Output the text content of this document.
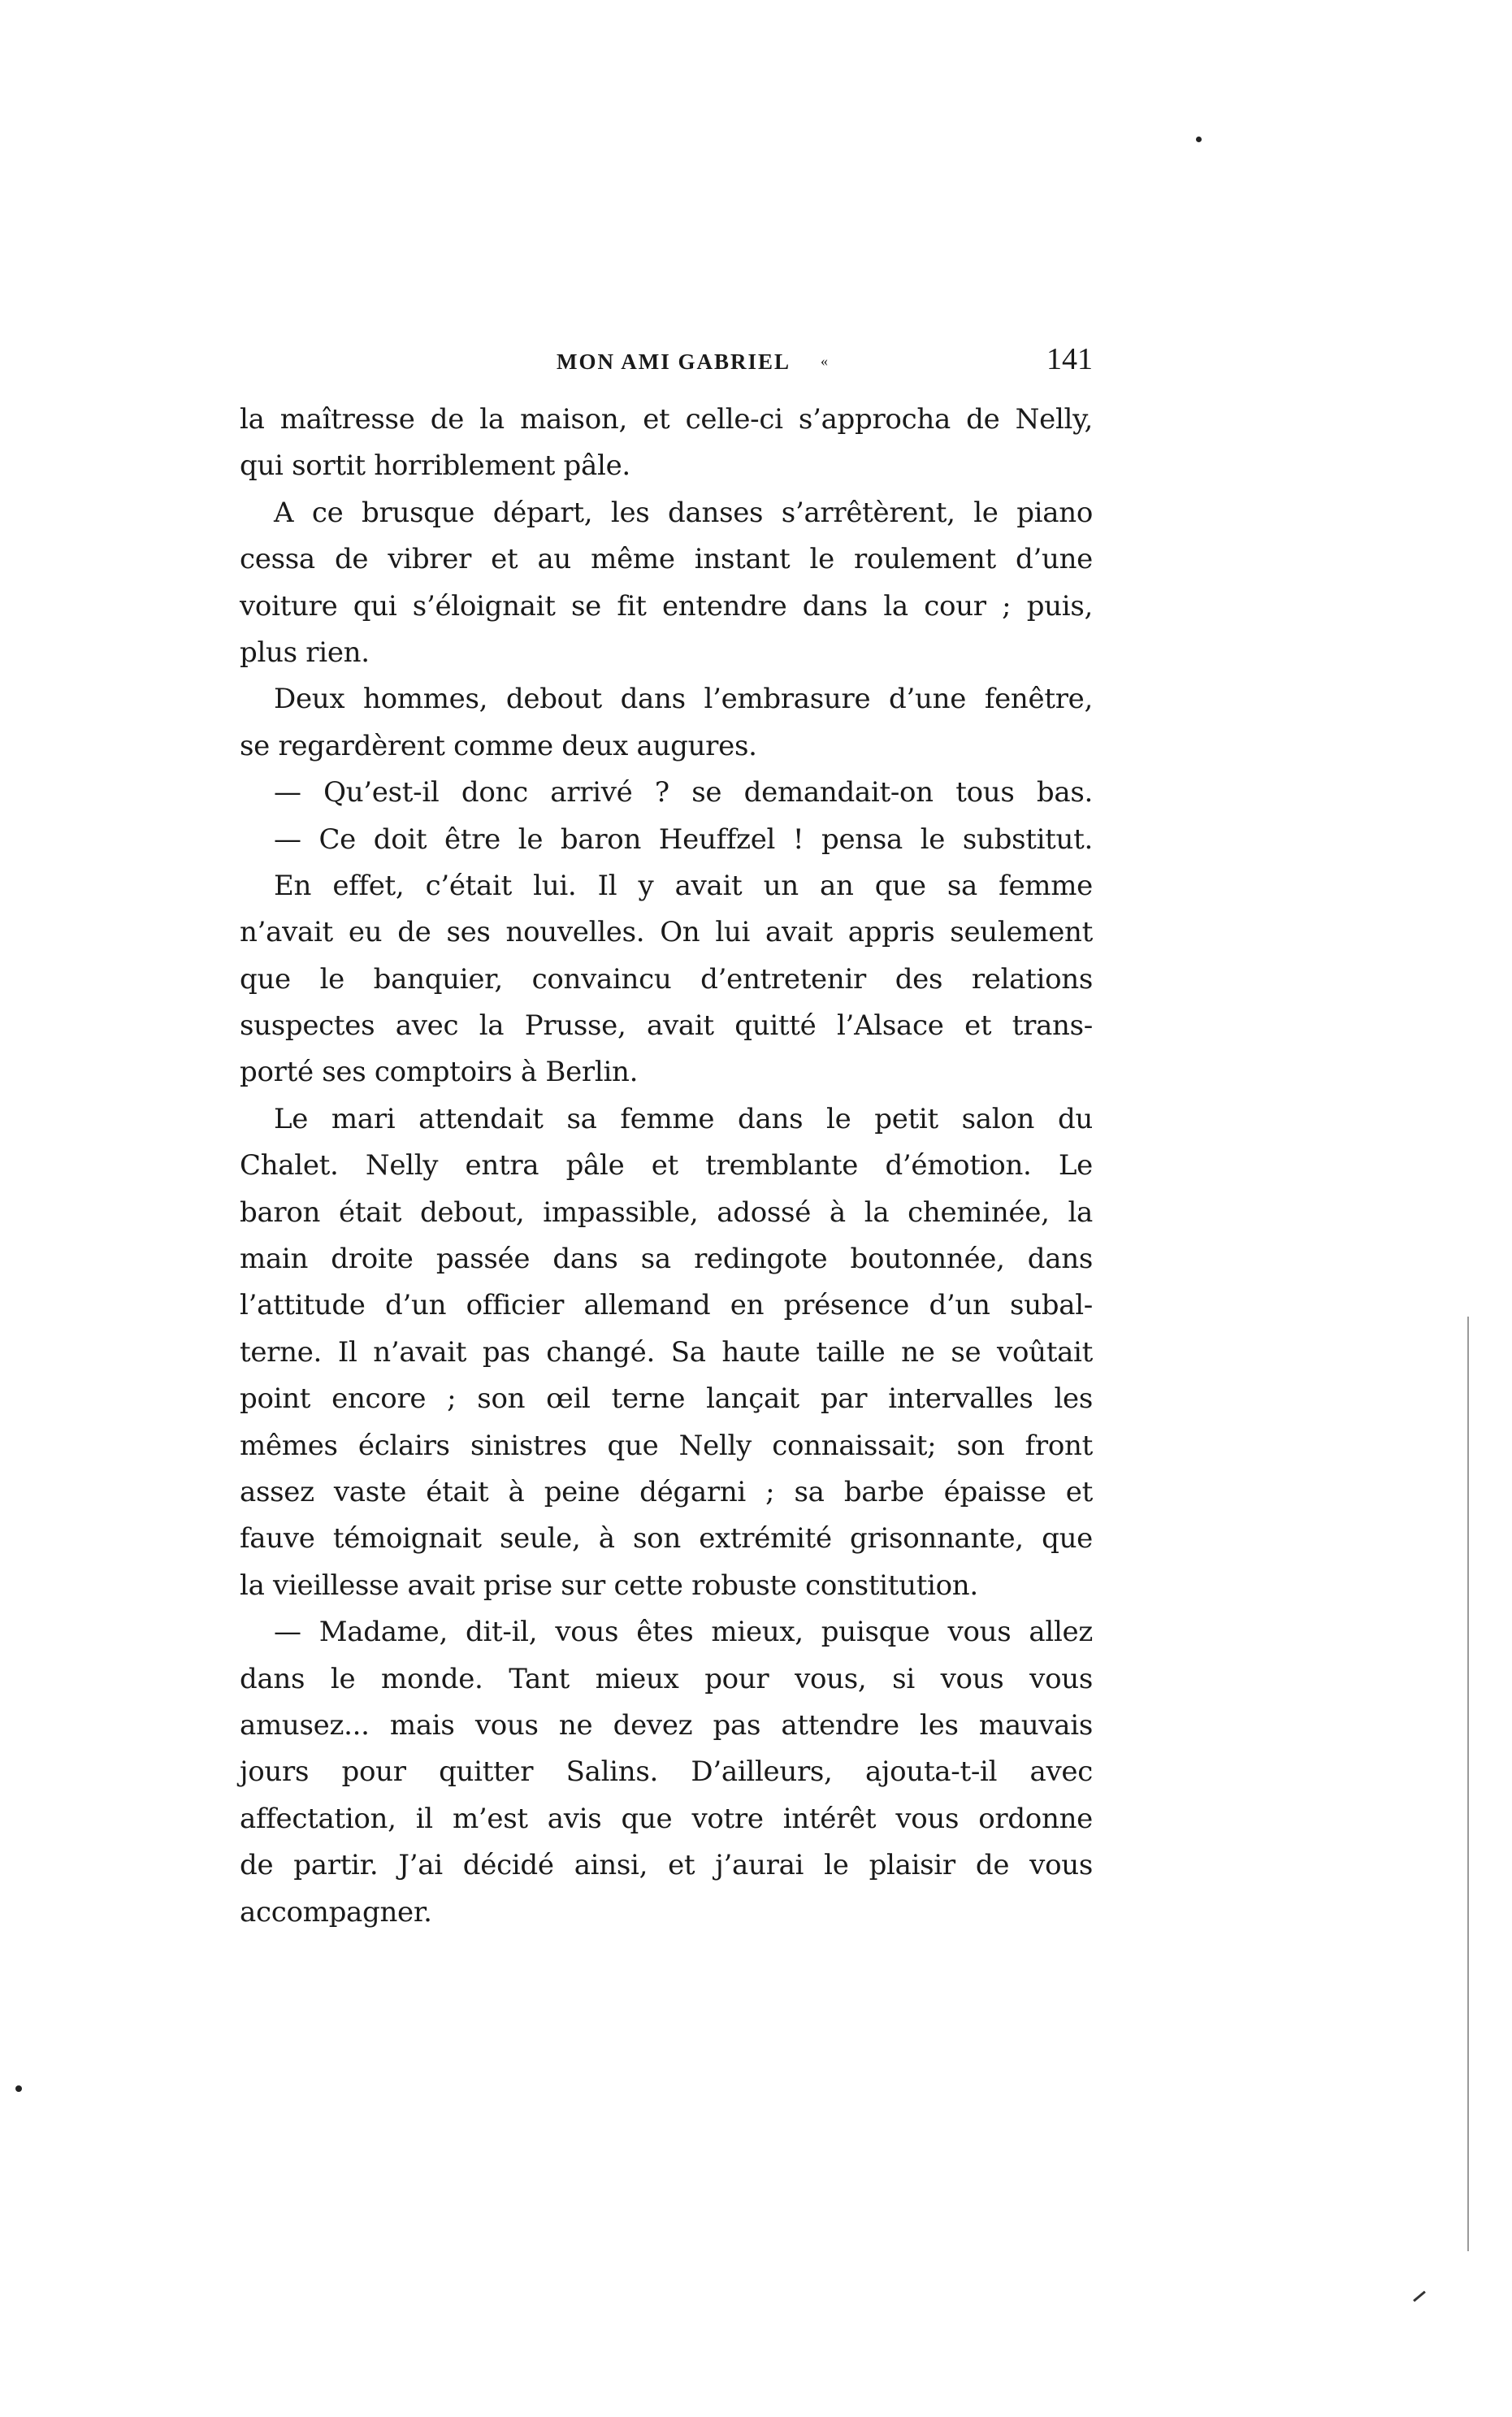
MON AMI GABRIEL «	141
la maîtresse de la maison, et celle-ci s’approcha de Nelly,
qui sortit horriblement pâle.
A ce brusque départ, les danses s’arrêtèrent, le piano
cessa de vibrer et au même instant le roulement d’une
voiture qui s’éloignait se fit entendre dans la cour ; puis,
plus rien.
Deux hommes, debout dans l’embrasure d’une fenêtre,
se regardèrent comme deux augures.
— Qu’est-il donc arrivé ? se demandait-on tous bas.
— Ce doit être le baron Heuffzel ! pensa le substitut.
En effet, c’était lui. Il y avait un an que sa femme
n’avait eu de ses nouvelles. On lui avait appris seulement
que le banquier, convaincu d’entretenir des relations
suspectes avec la Prusse, avait quitté l’Alsace et trans-
porté ses comptoirs à Berlin.
Le mari attendait sa femme dans le petit salon du
Chalet. Nelly entra pâle et tremblante d’émotion. Le
baron était debout, impassible, adossé à la cheminée, la
main droite passée dans sa redingote boutonnée, dans
l’attitude d’un officier allemand en présence d’un subal-
terne. Il n’avait pas changé. Sa haute taille ne se voûtait
point encore ; son œil terne lançait par intervalles les
mêmes éclairs sinistres que Nelly connaissait; son front
assez vaste était à peine dégarni ; sa barbe épaisse et
fauve témoignait seule, à son extrémité grisonnante, que
la vieillesse avait prise sur cette robuste constitution.
— Madame, dit-il, vous êtes mieux, puisque vous allez
dans le monde. Tant mieux pour vous, si vous vous
amusez... mais vous ne devez pas attendre les mauvais
jours pour quitter Salins. D’ailleurs, ajouta-t-il avec
affectation, il m’est avis que votre intérêt vous ordonne
de partir. J’ai décidé ainsi, et j’aurai le plaisir de vous
accompagner.
